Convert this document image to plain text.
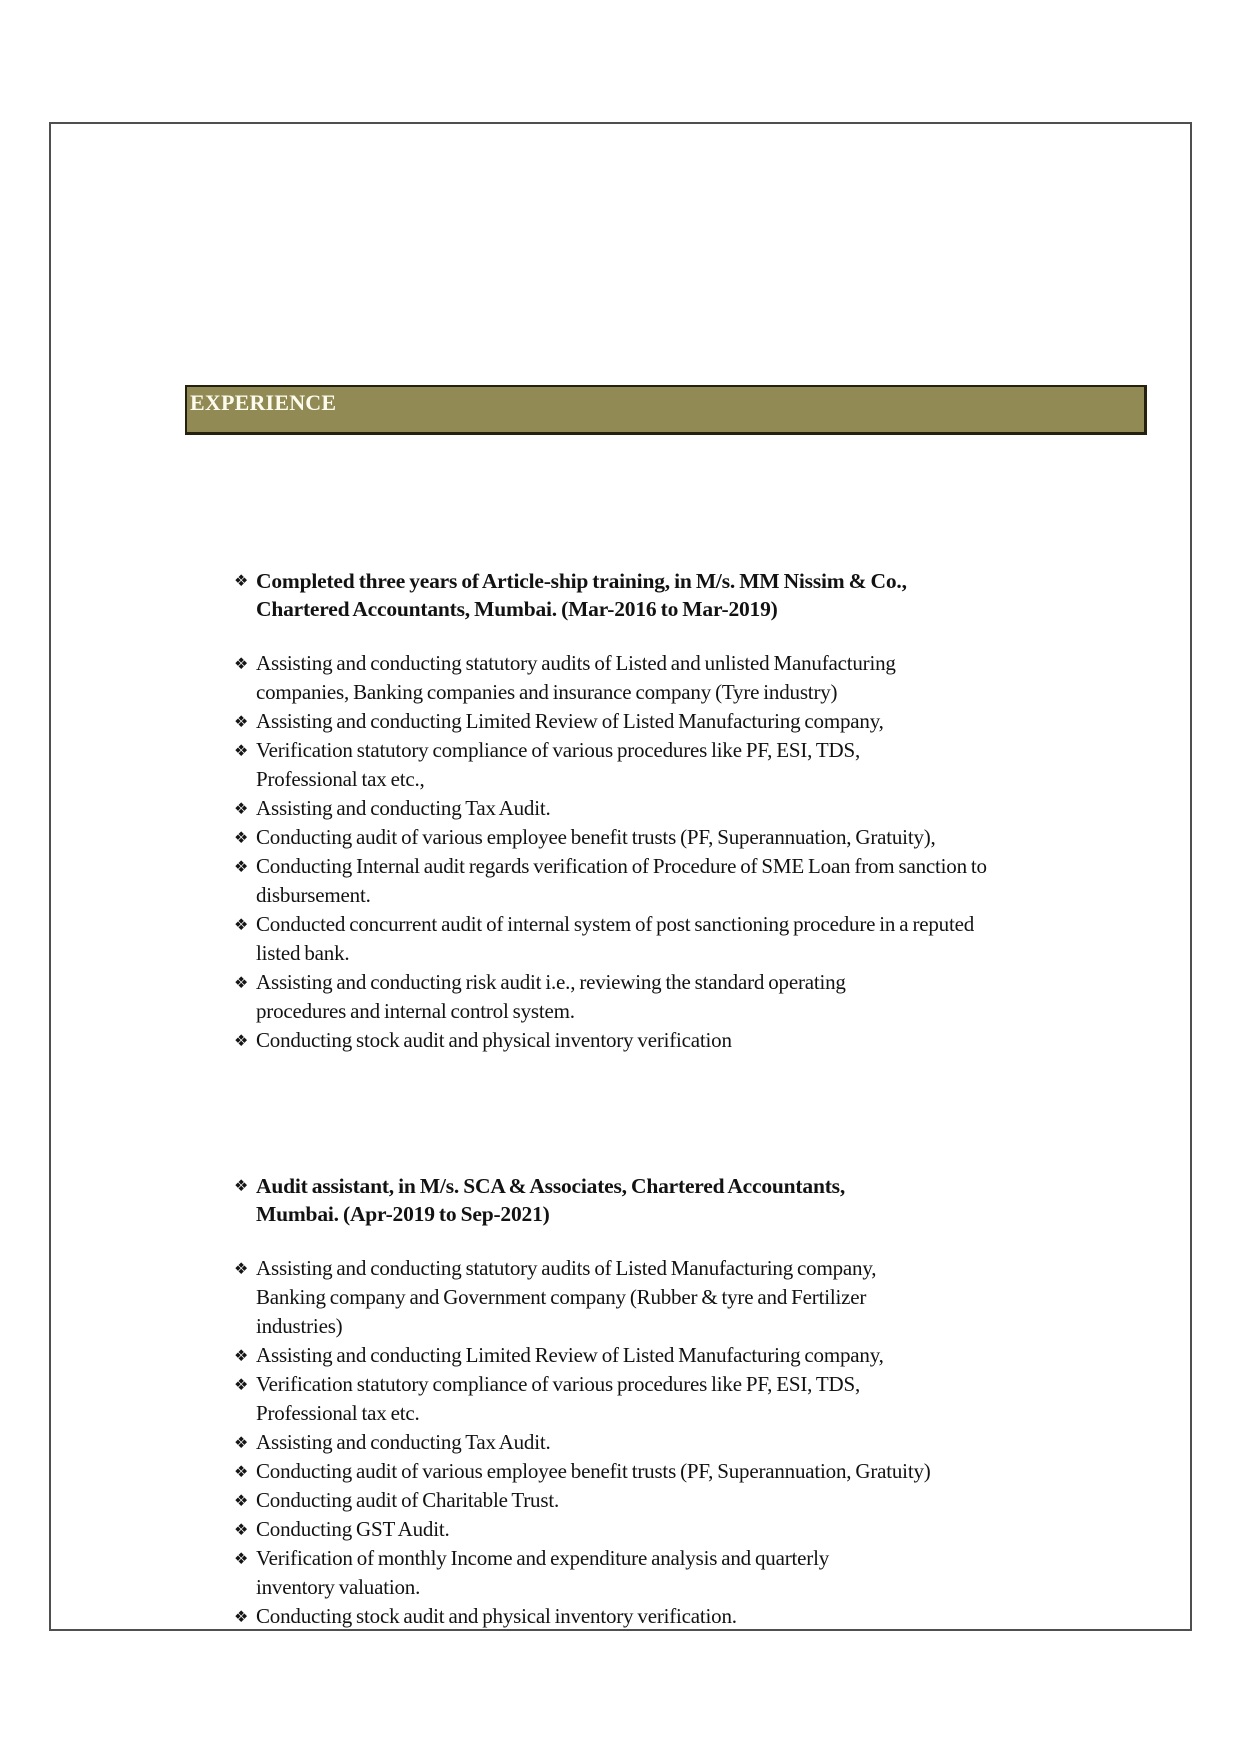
EXPERIENCE
❖ Completed three years of Article-ship training, in M/s. MM Nissim & Co.,
Chartered Accountants, Mumbai. (Mar-2016 to Mar-2019)
❖ Assisting and conducting statutory audits of Listed and unlisted Manufacturing
companies, Banking companies and insurance company (Tyre industry)
❖ Assisting and conducting Limited Review of Listed Manufacturing company,
❖ Verification statutory compliance of various procedures like PF, ESI, TDS,
Professional tax etc.,
❖ Assisting and conducting Tax Audit.
❖ Conducting audit of various employee benefit trusts (PF, Superannuation, Gratuity),
❖ Conducting Internal audit regards verification of Procedure of SME Loan from sanction to
disbursement.
❖ Conducted concurrent audit of internal system of post sanctioning procedure in a reputed
listed bank.
❖ Assisting and conducting risk audit i.e., reviewing the standard operating
procedures and internal control system.
❖ Conducting stock audit and physical inventory verification
❖ Audit assistant, in M/s. SCA & Associates, Chartered Accountants,
Mumbai. (Apr-2019 to Sep-2021)
❖ Assisting and conducting statutory audits of Listed Manufacturing company,
Banking company and Government company (Rubber & tyre and Fertilizer
industries)
❖ Assisting and conducting Limited Review of Listed Manufacturing company,
❖ Verification statutory compliance of various procedures like PF, ESI, TDS,
Professional tax etc.
❖ Assisting and conducting Tax Audit.
❖ Conducting audit of various employee benefit trusts (PF, Superannuation, Gratuity)
❖ Conducting audit of Charitable Trust.
❖ Conducting GST Audit.
❖ Verification of monthly Income and expenditure analysis and quarterly
inventory valuation.
❖ Conducting stock audit and physical inventory verification.
